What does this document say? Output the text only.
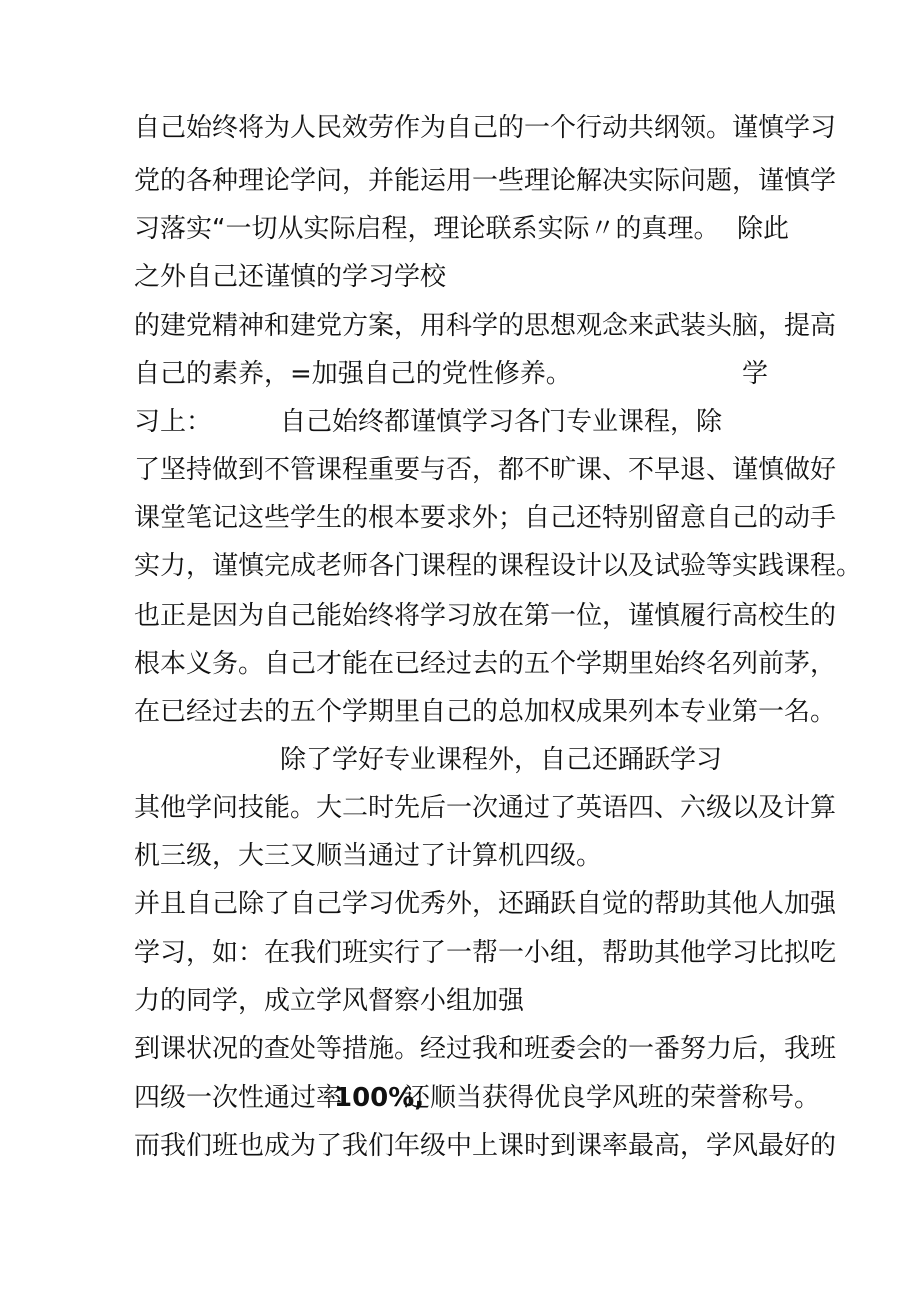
自己始终将为人民效劳作为自己的一个行动共纲领。谨慎学习
党的各种理论学问，并能运用一些理论解决实际问题，谨慎学
习落实“一切从实际启程，理论联系实际〃的真理。 除此
之外自己还谨慎的学习学校
的建党精神和建党方案，用科学的思想观念来武装头脑，提高
自己的素养，=加强自己的党性修养。	学
习上：	自己始终都谨慎学习各门专业课程，除
了坚持做到不管课程重要与否，都不旷课、不早退、谨慎做好
课堂笔记这些学生的根本要求外；自己还特别留意自己的动手
实力，谨慎完成老师各门课程的课程设计以及试验等实践课程。
也正是因为自己能始终将学习放在第一位，谨慎履行高校生的
根本义务。自己才能在已经过去的五个学期里始终名列前茅，
在已经过去的五个学期里自己的总加权成果列本专业第一名。
除了学好专业课程外，自己还踊跃学习
其他学问技能。大二时先后一次通过了英语四、六级以及计算
机三级，大三又顺当通过了计算机四级。
并且自己除了自己学习优秀外，还踊跃自觉的帮助其他人加强
学习，如：在我们班实行了一帮一小组，帮助其他学习比拟吃
力的同学，成立学风督察小组加强
到课状况的查处等措施。经过我和班委会的一番努力后，我班
四级一次性通过率
100%,
还顺当获得优良学风班的荣誉称号。
而我们班也成为了我们年级中上课时到课率最高，学风最好的
